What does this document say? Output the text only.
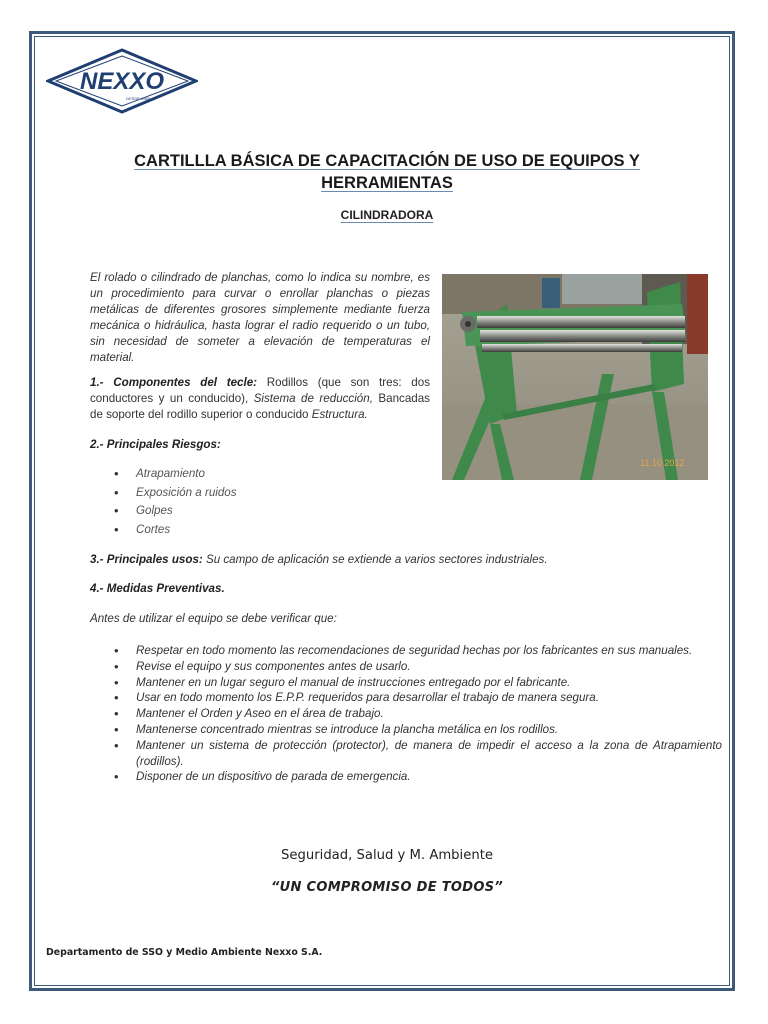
NEXXO
DESDE 1985
CARTILLLA BÁSICA DE CAPACITACIÓN DE USO DE EQUIPOS Y HERRAMIENTAS
CILINDRADORA
El rolado o cilindrado de planchas, como lo indica su nombre, es un procedimiento para curvar o enrollar planchas o piezas metálicas de diferentes grosores simplemente mediante fuerza mecánica o hidráulica, hasta lograr el radio requerido o un tubo, sin necesidad de someter a elevación de temperaturas el material.
1.- Componentes del tecle: Rodillos (que son tres: dos conductores y un conducido), Sistema de reducción, Bancadas de soporte del rodillo superior o conducido Estructura.
11 10 2012
2.- Principales Riesgos:
• Atrapamiento
• Exposición a ruidos
• Golpes
• Cortes
3.- Principales usos: Su campo de aplicación se extiende a varios sectores industriales.
4.- Medidas Preventivas.
Antes de utilizar el equipo se debe verificar que:
• Respetar en todo momento las recomendaciones de seguridad hechas por los fabricantes en sus manuales.
• Revise el equipo y sus componentes antes de usarlo.
• Mantener en un lugar seguro el manual de instrucciones entregado por el fabricante.
• Usar en todo momento los E.P.P. requeridos para desarrollar el trabajo de manera segura.
• Mantener el Orden y Aseo en el área de trabajo.
• Mantenerse concentrado mientras se introduce la plancha metálica en los rodillos.
• Mantener un sistema de protección (protector), de manera de impedir el acceso a la zona de Atrapamiento (rodillos).
• Disponer de un dispositivo de parada de emergencia.
Seguridad, Salud y M. Ambiente
“UN COMPROMISO DE TODOS”
Departamento de SSO y Medio Ambiente Nexxo S.A.
